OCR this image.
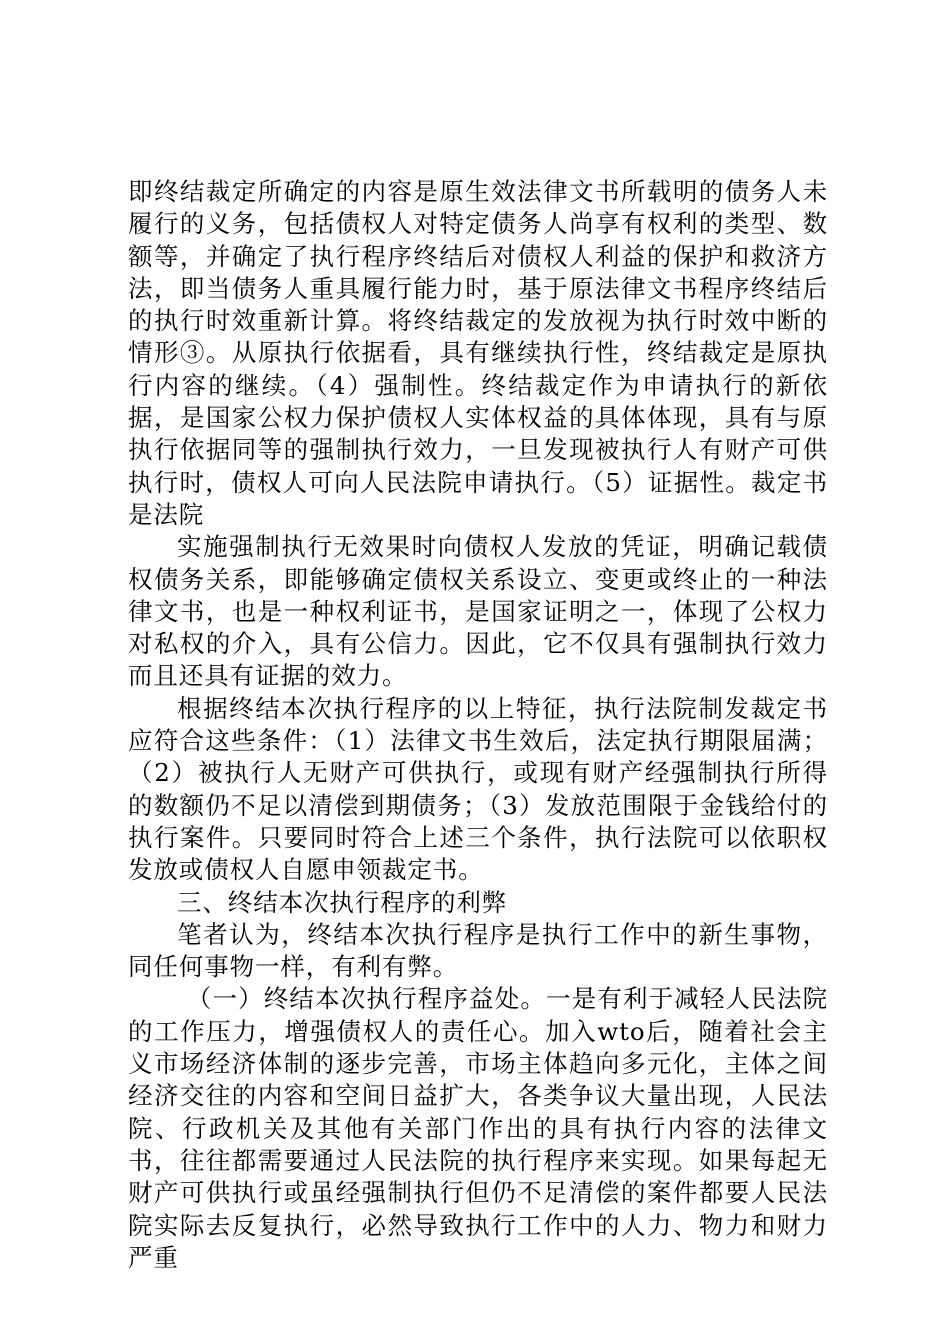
即终结裁定所确定的内容是原生效法律文书所载明的债务人未履行的义务，包括债权人对特定债务人尚享有权利的类型、数额等，并确定了执行程序终结后对债权人利益的保护和救济方法，即当债务人重具履行能力时，基于原法律文书程序终结后的执行时效重新计算。将终结裁定的发放视为执行时效中断的情形③。从原执行依据看，具有继续执行性，终结裁定是原执行内容的继续。（4）强制性。终结裁定作为申请执行的新依据，是国家公权力保护债权人实体权益的具体体现，具有与原执行依据同等的强制执行效力，一旦发现被执行人有财产可供执行时，债权人可向人民法院申请执行。（5）证据性。裁定书是法院

实施强制执行无效果时向债权人发放的凭证，明确记载债权债务关系，即能够确定债权关系设立、变更或终止的一种法律文书，也是一种权利证书，是国家证明之一，体现了公权力对私权的介入，具有公信力。因此，它不仅具有强制执行效力而且还具有证据的效力。

根据终结本次执行程序的以上特征，执行法院制发裁定书应符合这些条件：（1）法律文书生效后，法定执行期限届满；（2）被执行人无财产可供执行，或现有财产经强制执行所得的数额仍不足以清偿到期债务；（3）发放范围限于金钱给付的执行案件。只要同时符合上述三个条件，执行法院可以依职权发放或债权人自愿申领裁定书。

三、终结本次执行程序的利弊

笔者认为，终结本次执行程序是执行工作中的新生事物，同任何事物一样，有利有弊。

（一）终结本次执行程序益处。一是有利于减轻人民法院的工作压力，增强债权人的责任心。加入wto后，随着社会主义市场经济体制的逐步完善，市场主体趋向多元化，主体之间经济交往的内容和空间日益扩大，各类争议大量出现，人民法院、行政机关及其他有关部门作出的具有执行内容的法律文书，往往都需要通过人民法院的执行程序来实现。如果每起无财产可供执行或虽经强制执行但仍不足清偿的案件都要人民法院实际去反复执行，必然导致执行工作中的人力、物力和财力严重
